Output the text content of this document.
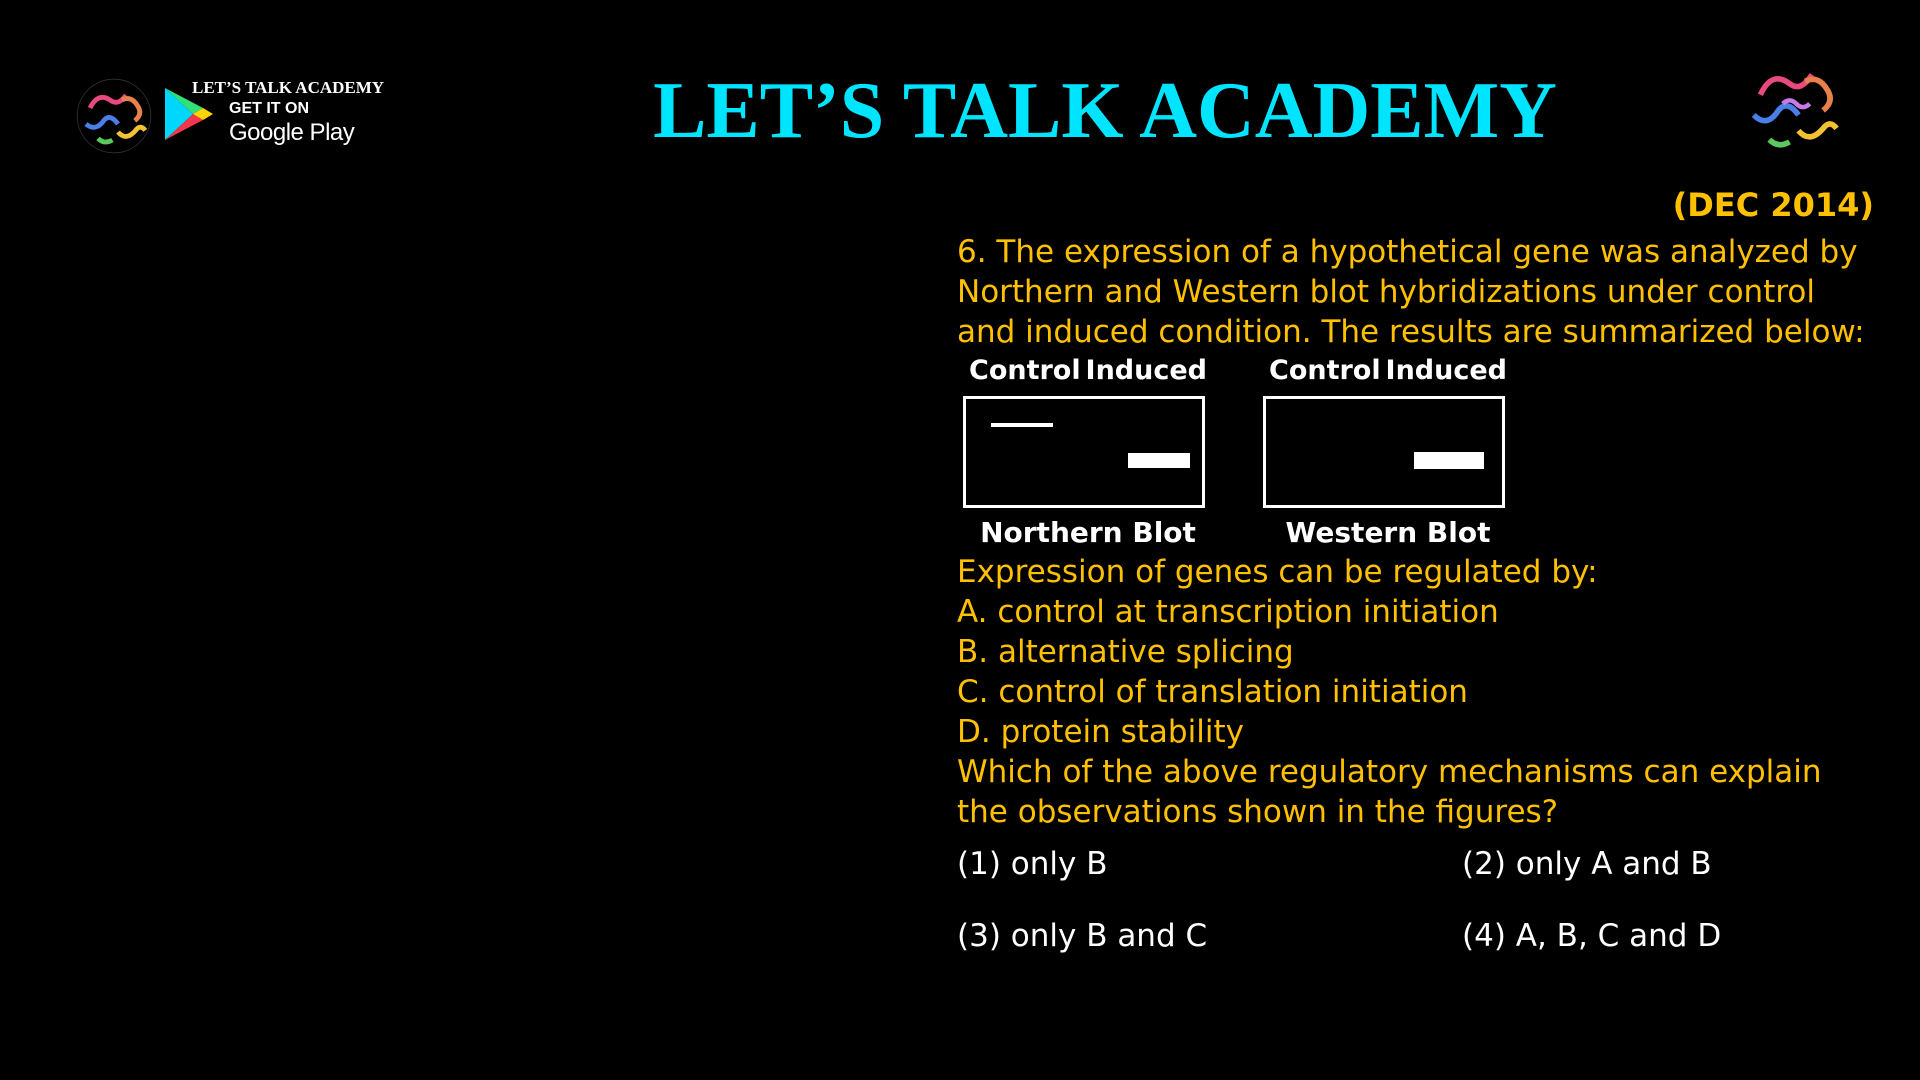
LET’S TALK ACADEMY
GET IT ON
Google Play	LET’S TALK ACADEMY
(DEC 2014)
6. The expression of a hypothetical gene was analyzed by Northern and Western blot hybridizations under control and induced condition. The results are summarized below:
Control Induced
Northern Blot
Control Induced
Western Blot
Expression of genes can be regulated by:
A. control at transcription initiation
B. alternative splicing
C. control of translation initiation
D. protein stability
Which of the above regulatory mechanisms can explain the observations shown in the figures?
(1) only B	(2) only A and B
(3) only B and C	(4) A, B, C and D
